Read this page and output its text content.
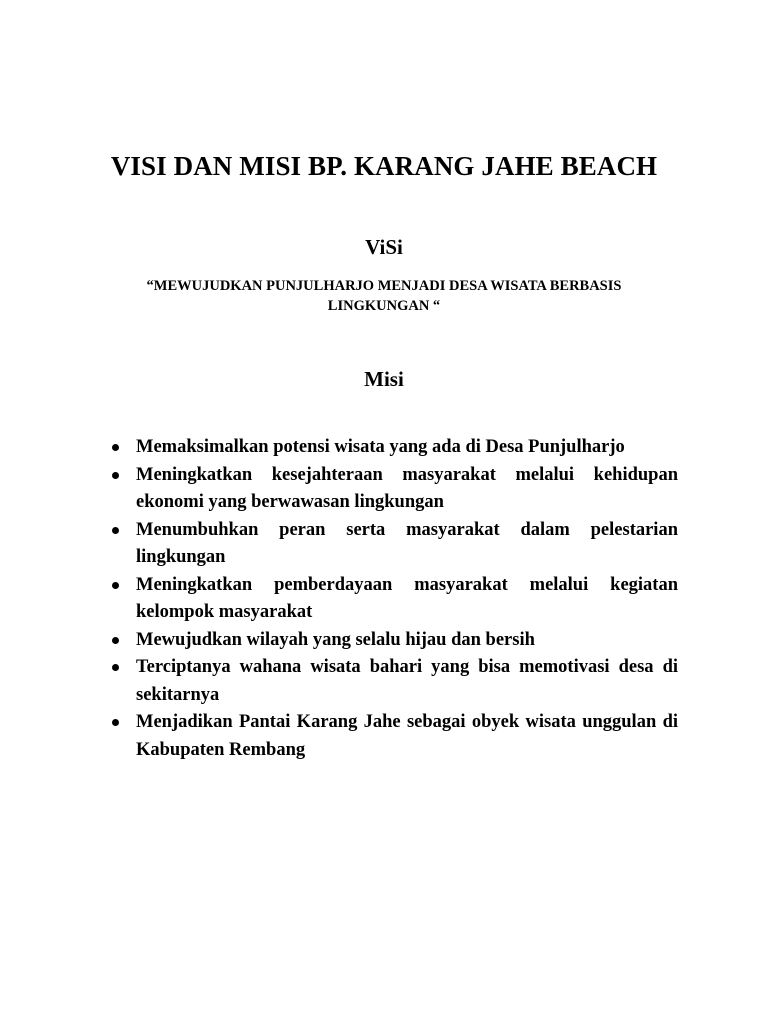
VISI DAN MISI BP. KARANG JAHE BEACH
ViSi
“MEWUJUDKAN PUNJULHARJO MENJADI DESA WISATA BERBASIS
LINGKUNGAN “
Misi
Memaksimalkan potensi wisata yang ada di Desa Punjulharjo
Meningkatkan kesejahteraan masyarakat melalui kehidupan ekonomi yang berwawasan lingkungan
Menumbuhkan peran serta masyarakat dalam pelestarian lingkungan
Meningkatkan pemberdayaan masyarakat melalui kegiatan kelompok masyarakat
Mewujudkan wilayah yang selalu hijau dan bersih
Terciptanya wahana wisata bahari yang bisa memotivasi desa di sekitarnya
Menjadikan Pantai Karang Jahe sebagai obyek wisata unggulan di Kabupaten Rembang
